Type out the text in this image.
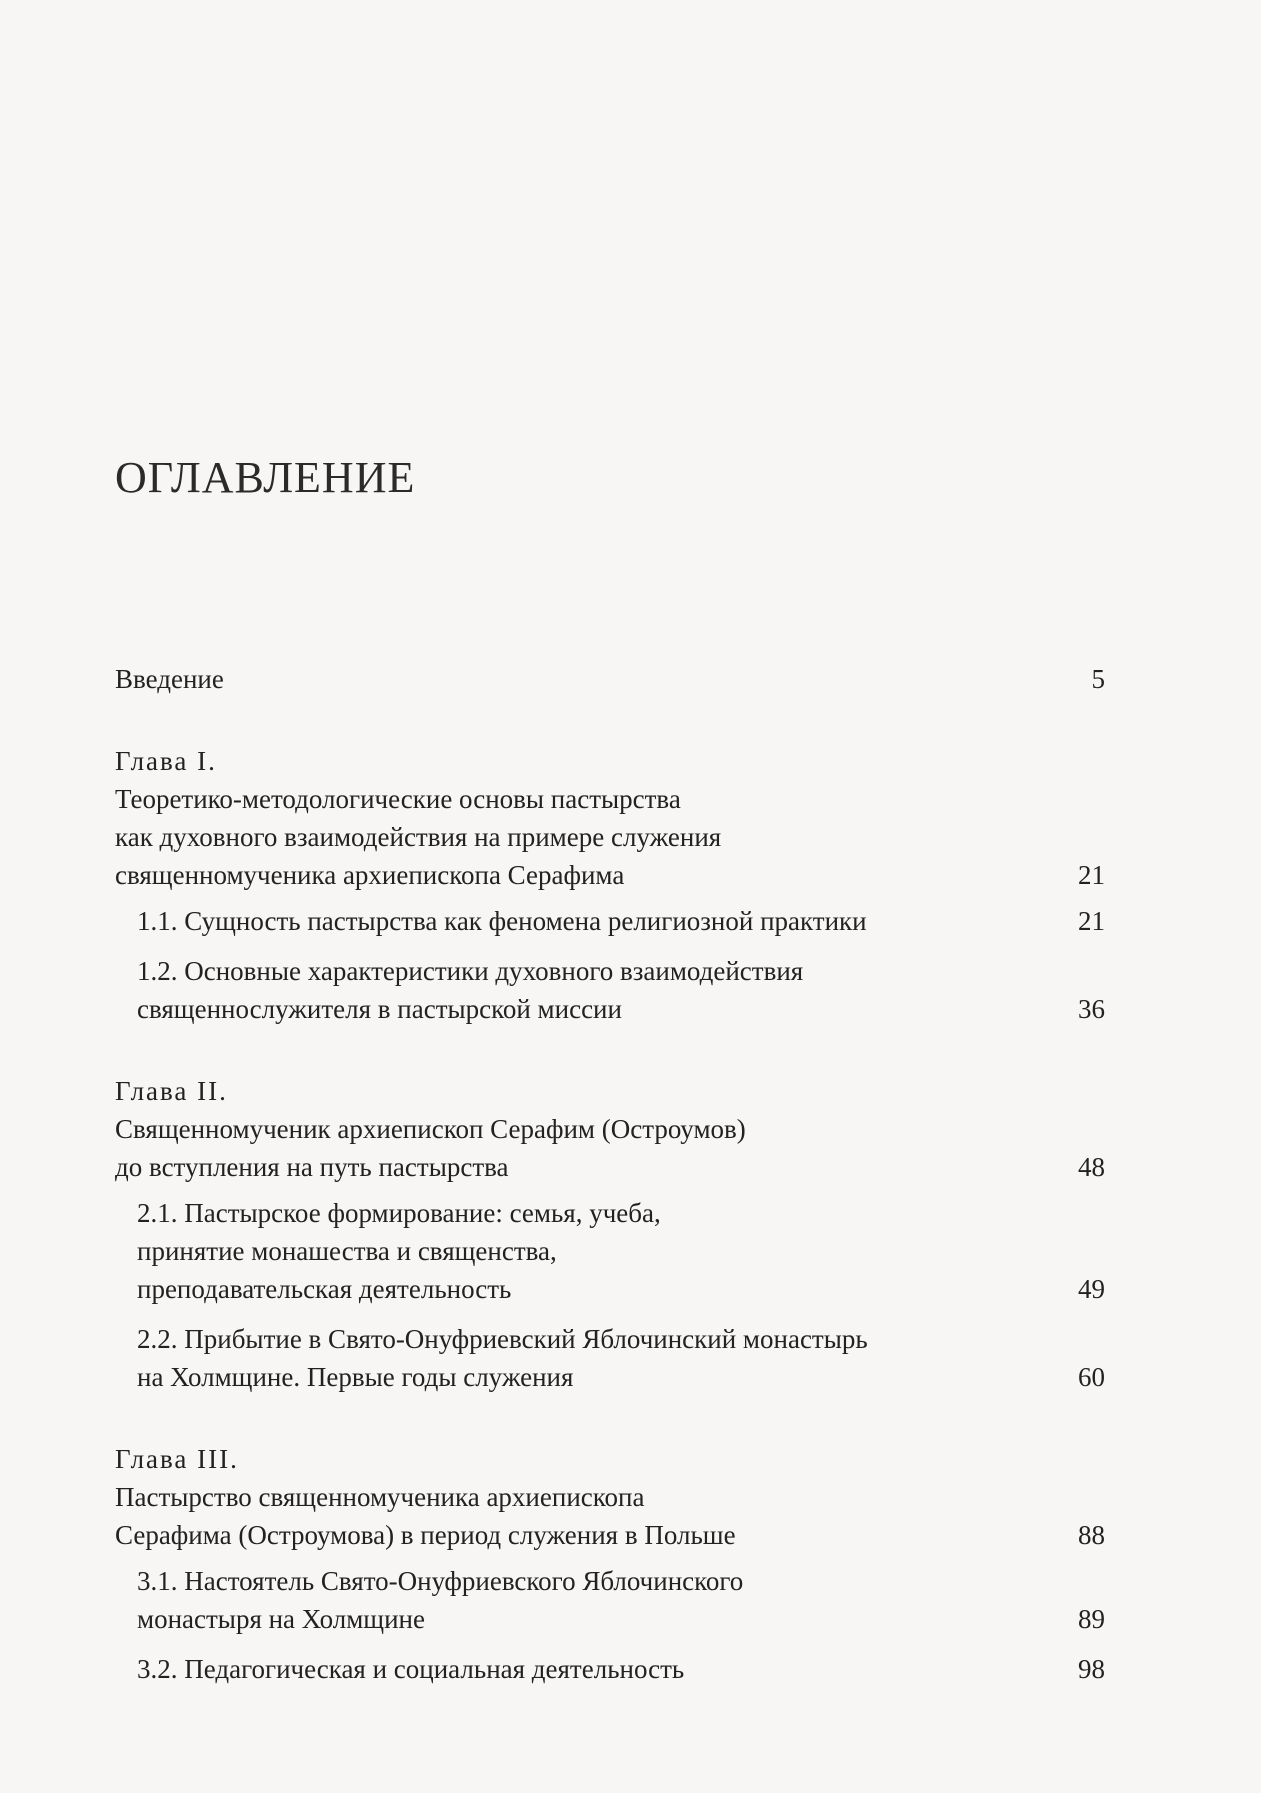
ОГЛАВЛЕНИЕ
Введение	5
Глава I.
Теоретико-методологические основы пастырства
как духовного взаимодействия на примере служения
священномученика архиепископа Серафима	21
1.1. Сущность пастырства как феномена религиозной практики	21
1.2. Основные характеристики духовного взаимодействия
священнослужителя в пастырской миссии	36
Глава II.
Священномученик архиепископ Серафим (Остроумов)
до вступления на путь пастырства	48
2.1. Пастырское формирование: семья, учеба,
принятие монашества и священства,
преподавательская деятельность	49
2.2. Прибытие в Свято-Онуфриевский Яблочинский монастырь
на Холмщине. Первые годы служения	60
Глава III.
Пастырство священномученика архиепископа
Серафима (Остроумова) в период служения в Польше	88
3.1. Настоятель Свято-Онуфриевского Яблочинского
монастыря на Холмщине	89
3.2. Педагогическая и социальная деятельность	98
